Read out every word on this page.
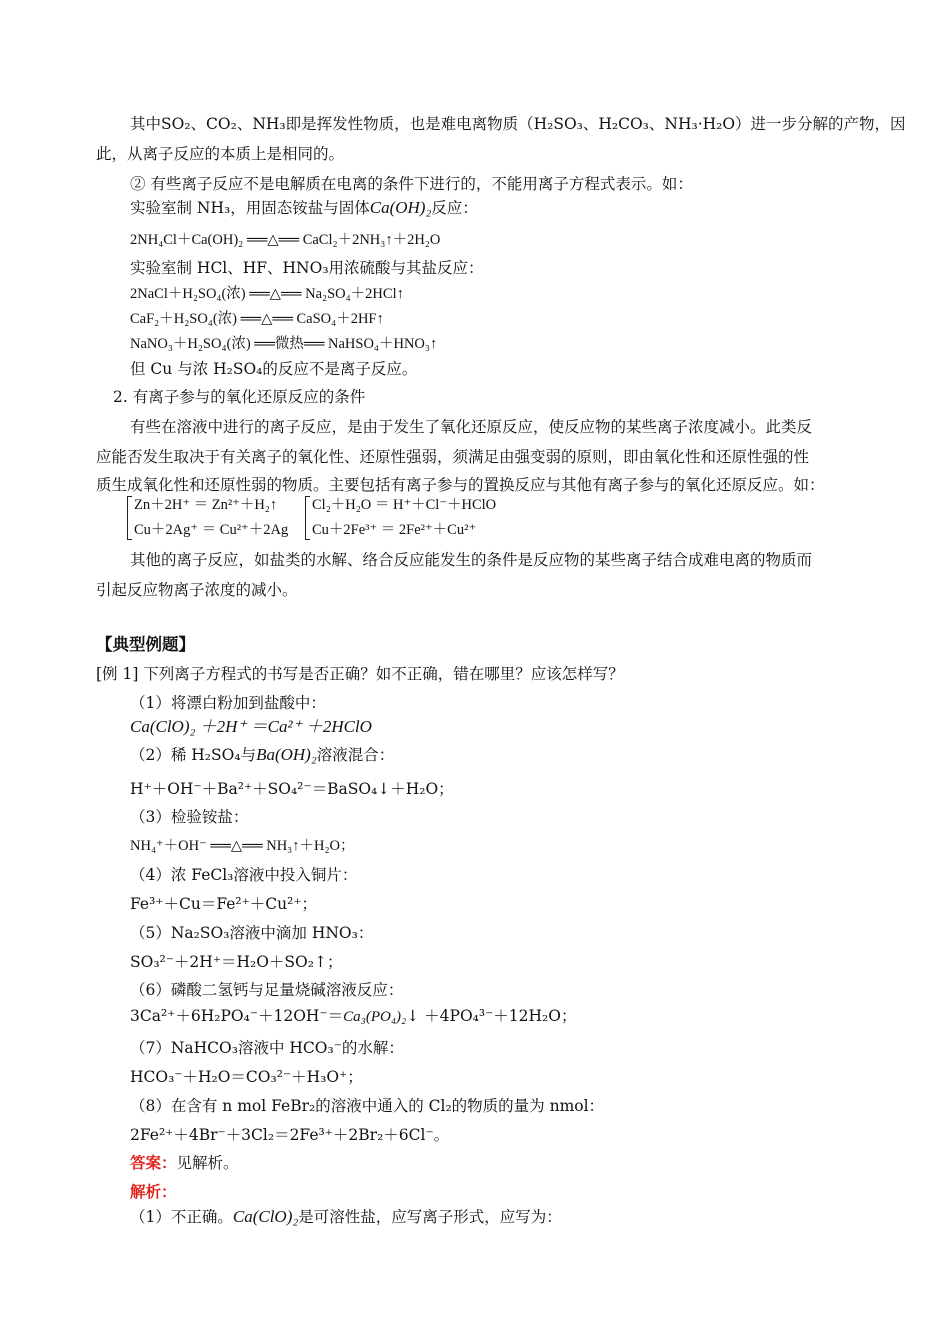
其中SO₂、CO₂、NH₃即是挥发性物质，也是难电离物质（H₂SO₃、H₂CO₃、NH₃·H₂O）进一步分解的产物，因
此，从离子反应的本质上是相同的。
② 有些离子反应不是电解质在电离的条件下进行的，不能用离子方程式表示。如：
实验室制 NH₃，用固态铵盐与固体Ca(OH)₂反应：
2NH₄Cl＋Ca(OH)₂ ══△══ CaCl₂＋2NH₃↑＋2H₂O
实验室制 HCl、HF、HNO₃用浓硫酸与其盐反应：
2NaCl＋H₂SO₄(浓) ══△══ Na₂SO₄＋2HCl↑
CaF₂＋H₂SO₄(浓) ══△══ CaSO₄＋2HF↑
NaNO₃＋H₂SO₄(浓) ══微热══ NaHSO₄＋HNO₃↑
但 Cu 与浓 H₂SO₄的反应不是离子反应。
2. 有离子参与的氧化还原反应的条件
有些在溶液中进行的离子反应，是由于发生了氧化还原反应，使反应物的某些离子浓度减小。此类反
应能否发生取决于有关离子的氧化性、还原性强弱，须满足由强变弱的原则，即由氧化性和还原性强的性
质生成氧化性和还原性弱的物质。主要包括有离子参与的置换反应与其他有离子参与的氧化还原反应。如：
Zn＋2H⁺ ＝ Zn²⁺＋H₂↑
Cu＋2Ag⁺ ＝ Cu²⁺＋2Ag
Cl₂＋H₂O ＝ H⁺＋Cl⁻＋HClO
Cu＋2Fe³⁺ ＝ 2Fe²⁺＋Cu²⁺
其他的离子反应，如盐类的水解、络合反应能发生的条件是反应物的某些离子结合成难电离的物质而
引起反应物离子浓度的减小。
【典型例题】
[例 1] 下列离子方程式的书写是否正确？如不正确，错在哪里？应该怎样写？
（1）将漂白粉加到盐酸中：
Ca(ClO)₂ ＋2H⁺ ＝Ca²⁺ ＋2HClO
（2）稀 H₂SO₄与Ba(OH)₂溶液混合：
H⁺＋OH⁻＋Ba²⁺＋SO₄²⁻＝BaSO₄↓＋H₂O；
（3）检验铵盐：
NH₄⁺＋OH⁻ ══△══ NH₃↑＋H₂O；
（4）浓 FeCl₃溶液中投入铜片：
Fe³⁺＋Cu＝Fe²⁺＋Cu²⁺；
（5）Na₂SO₃溶液中滴加 HNO₃：
SO₃²⁻＋2H⁺＝H₂O＋SO₂↑；
（6）磷酸二氢钙与足量烧碱溶液反应：
3Ca²⁺＋6H₂PO₄⁻＋12OH⁻＝Ca₃(PO₄)₂↓ ＋4PO₄³⁻＋12H₂O；
（7）NaHCO₃溶液中 HCO₃⁻的水解：
HCO₃⁻＋H₂O＝CO₃²⁻＋H₃O⁺；
（8）在含有 n mol FeBr₂的溶液中通入的 Cl₂的物质的量为 nmol：
2Fe²⁺＋4Br⁻＋3Cl₂＝2Fe³⁺＋2Br₂＋6Cl⁻。
答案：见解析。
解析：
（1）不正确。Ca(ClO)₂是可溶性盐，应写离子形式，应写为：
